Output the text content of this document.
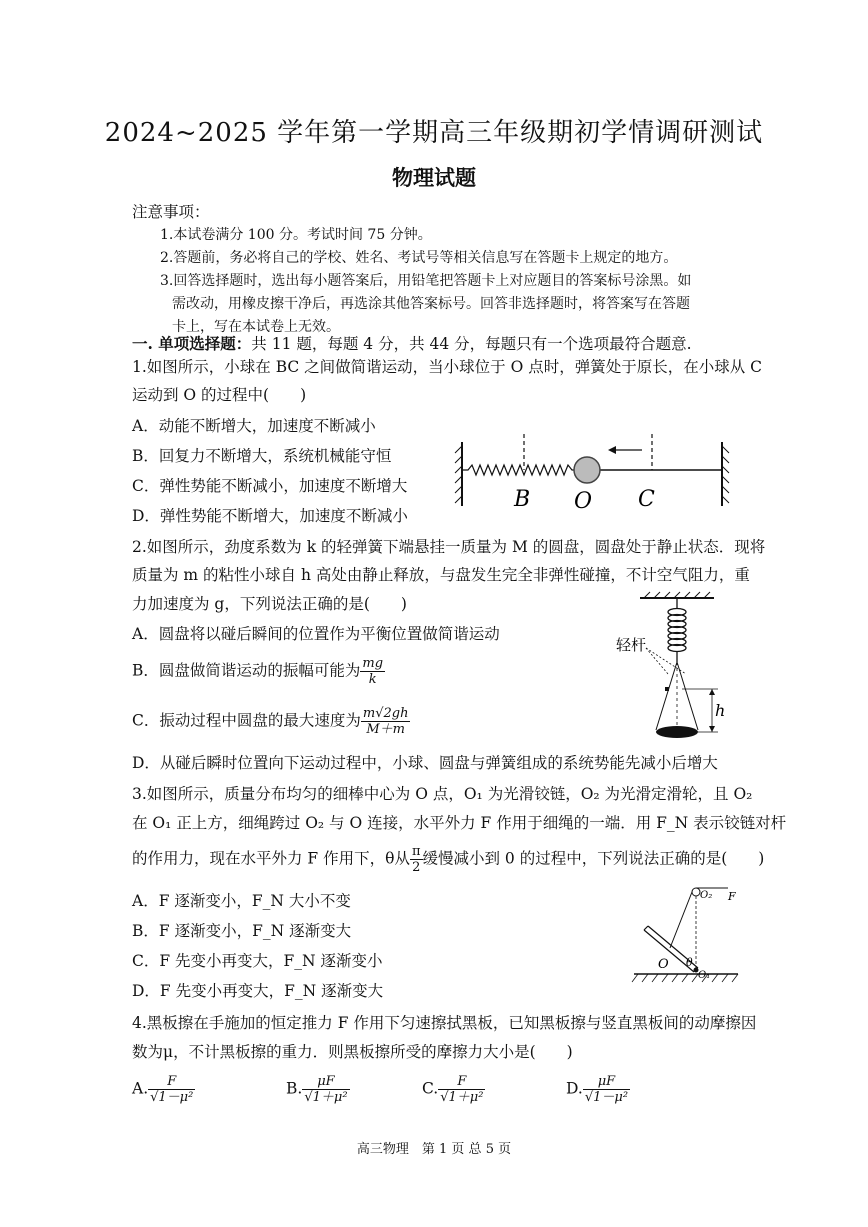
2024~2025 学年第一学期高三年级期初学情调研测试
物理试题
注意事项：
1.本试卷满分 100 分。考试时间 75 分钟。
2.答题前，务必将自己的学校、姓名、考试号等相关信息写在答题卡上规定的地方。
3.回答选择题时，选出每小题答案后，用铅笔把答题卡上对应题目的答案标号涂黑。如
需改动，用橡皮擦干净后，再选涂其他答案标号。回答非选择题时，将答案写在答题
卡上，写在本试卷上无效。
一. 单项选择题：共 11 题，每题 4 分，共 44 分，每题只有一个选项最符合题意.
1.如图所示，小球在 BC 之间做简谐运动，当小球位于 O 点时，弹簧处于原长，在小球从 C
运动到 O 的过程中(　　)
A．动能不断增大，加速度不断减小
B．回复力不断增大，系统机械能守恒
C．弹性势能不断减小，加速度不断增大
D．弹性势能不断增大，加速度不断减小
B O C
2.如图所示，劲度系数为 k 的轻弹簧下端悬挂一质量为 M 的圆盘，圆盘处于静止状态．现将
质量为 m 的粘性小球自 h 高处由静止释放，与盘发生完全非弹性碰撞，不计空气阻力，重
力加速度为 g，下列说法正确的是(　　)
A．圆盘将以碰后瞬间的位置作为平衡位置做简谐运动
B．圆盘做简谐运动的振幅可能为 $\frac{mg}{k}$
C．振动过程中圆盘的最大速度为 $\frac{m√2gh}{M+m}$
D．从碰后瞬时位置向下运动过程中，小球、圆盘与弹簧组成的系统势能先减小后增大
h
轻杆
3.如图所示，质量分布均匀的细棒中心为 O 点，O₁ 为光滑铰链，O₂ 为光滑定滑轮，且 O₂
在 O₁ 正上方，细绳跨过 O₂ 与 O 连接，水平外力 F 作用于细绳的一端．用 F_N 表示铰链对杆
的作用力，现在水平外力 F 作用下，θ从 $\frac{\pi}{2}$ 缓慢减小到 0 的过程中，下列说法正确的是(　　)
A．F 逐渐变小，F_N 大小不变
B．F 逐渐变小，F_N 逐渐变大
C．F 先变小再变大，F_N 逐渐变小
D．F 先变小再变大，F_N 逐渐变大
O₂ F
O θ
O₁
4.黑板擦在手施加的恒定推力 F 作用下匀速擦拭黑板，已知黑板擦与竖直黑板间的动摩擦因
数为μ，不计黑板擦的重力．则黑板擦所受的摩擦力大小是(　　)
A. $\frac{F}{\text{√1－μ²}}$	B. $\frac{\mu F}{\text{√1＋μ²}}$	C. $\frac{F}{\text{√1＋μ²}}$	D. $\frac{\mu F}{\text{√1－μ²}}$
高三物理　第 1 页 总 5 页
